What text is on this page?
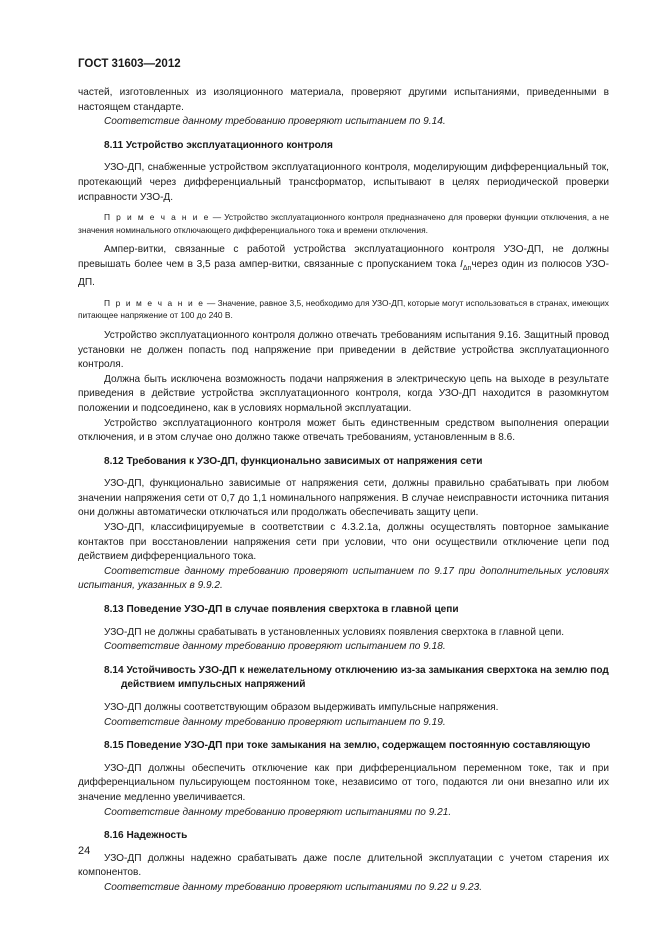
ГОСТ 31603—2012

частей, изготовленных из изоляционного материала, проверяют другими испытаниями, приведенными в настоящем стандарте.

Соответствие данному требованию проверяют испытанием по 9.14.

8.11 Устройство эксплуатационного контроля

УЗО-ДП, снабженные устройством эксплуатационного контроля, моделирующим дифференциальный ток, протекающий через дифференциальный трансформатор, испытывают в целях периодической проверки исправности УЗО-Д.

П р и м е ч а н и е — Устройство эксплуатационного контроля предназначено для проверки функции отключения, а не значения номинального отключающего дифференциального тока и времени отключения.

Ампер-витки, связанные с работой устройства эксплуатационного контроля УЗО-ДП, не должны превышать более чем в 3,5 раза ампер-витки, связанные с пропусканием тока $I_{\Delta n}через$ один из полюсов УЗО-ДП.

П р и м е ч а н и е — Значение, равное 3,5, необходимо для УЗО-ДП, которые могут использоваться в странах, имеющих питающее напряжение от 100 до 240 В.

Устройство эксплуатационного контроля должно отвечать требованиям испытания 9.16. Защитный провод установки не должен попасть под напряжение при приведении в действие устройства эксплуатационного контроля.

Должна быть исключена возможность подачи напряжения в электрическую цепь на выходе в результате приведения в действие устройства эксплуатационного контроля, когда УЗО-ДП находится в разомкнутом положении и подсоединено, как в условиях нормальной эксплуатации.

Устройство эксплуатационного контроля может быть единственным средством выполнения операции отключения, и в этом случае оно должно также отвечать требованиям, установленным в 8.6.

8.12 Требования к УЗО-ДП, функционально зависимых от напряжения сети

УЗО-ДП, функционально зависимые от напряжения сети, должны правильно срабатывать при любом значении напряжения сети от 0,7 до 1,1 номинального напряжения. В случае неисправности источника питания они должны автоматически отключаться или продолжать обеспечивать защиту цепи.

УЗО-ДП, классифицируемые в соответствии с 4.3.2.1а, должны осуществлять повторное замыкание контактов при восстановлении напряжения сети при условии, что они осуществили отключение цепи под действием дифференциального тока.

Соответствие данному требованию проверяют испытанием по 9.17 при дополнительных условиях испытания, указанных в 9.9.2.

8.13 Поведение УЗО-ДП в случае появления сверхтока в главной цепи

УЗО-ДП не должны срабатывать в установленных условиях появления сверхтока в главной цепи.

Соответствие данному требованию проверяют испытанием по 9.18.

8.14 Устойчивость УЗО-ДП к нежелательному отключению из-за замыкания сверхтока на землю под действием импульсных напряжений

УЗО-ДП должны соответствующим образом выдерживать импульсные напряжения.

Соответствие данному требованию проверяют испытанием по 9.19.

8.15 Поведение УЗО-ДП при токе замыкания на землю, содержащем постоянную составляющую

УЗО-ДП должны обеспечить отключение как при дифференциальном переменном токе, так и при дифференциальном пульсирующем постоянном токе, независимо от того, подаются ли они внезапно или их значение медленно увеличивается.

Соответствие данному требованию проверяют испытаниями по 9.21.

8.16 Надежность

УЗО-ДП должны надежно срабатывать даже после длительной эксплуатации с учетом старения их компонентов.

Соответствие данному требованию проверяют испытаниями по 9.22 и 9.23.

24
